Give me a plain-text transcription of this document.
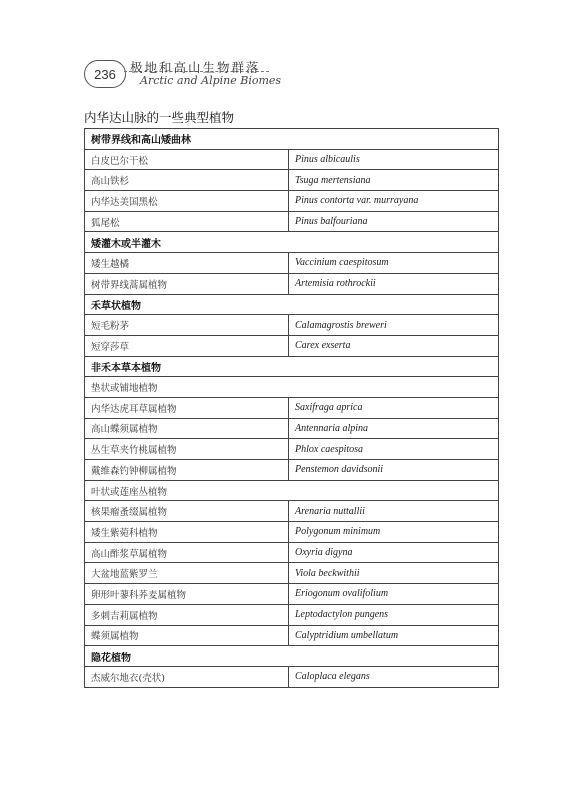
236	极地和高山生物群落
Arctic and Alpine Biomes
内华达山脉的一些典型植物
树带界线和高山矮曲林	
白皮巴尔干松	Pinus albicaulis
高山铁杉	Tsuga mertensiana
内华达美国黑松	Pinus contorta var. murrayana
狐尾松	Pinus balfouriana
矮灌木或半灌木	
矮生越橘	Vaccinium caespitosum
树带界线蒿属植物	Artemisia rothrockii
禾草状植物	
短毛粉茅	Calamagrostis breweri
短穿莎草	Carex exserta
非禾本草本植物	
垫状或铺地植物	
内华达虎耳草属植物	Saxifraga aprica
高山蝶须属植物	Antennaria alpina
丛生草夹竹桃属植物	Phlox caespitosa
戴维森钓钟柳属植物	Penstemon davidsonii
叶状或莲座丛植物	
核果瘤蚤缀属植物	Arenaria nuttallii
矮生紫菀科植物	Polygonum minimum
高山酢浆草属植物	Oxyria digyna
大盆地蓝紫罗兰	Viola beckwithii
卵形叶蓼科荞麦属植物	Eriogonum ovalifolium
多刺吉莉属植物	Leptodactylon pungens
蝶须属植物	Calyptridium umbellatum
隐花植物	
杰威尔地衣(壳状)	Caloplaca elegans
